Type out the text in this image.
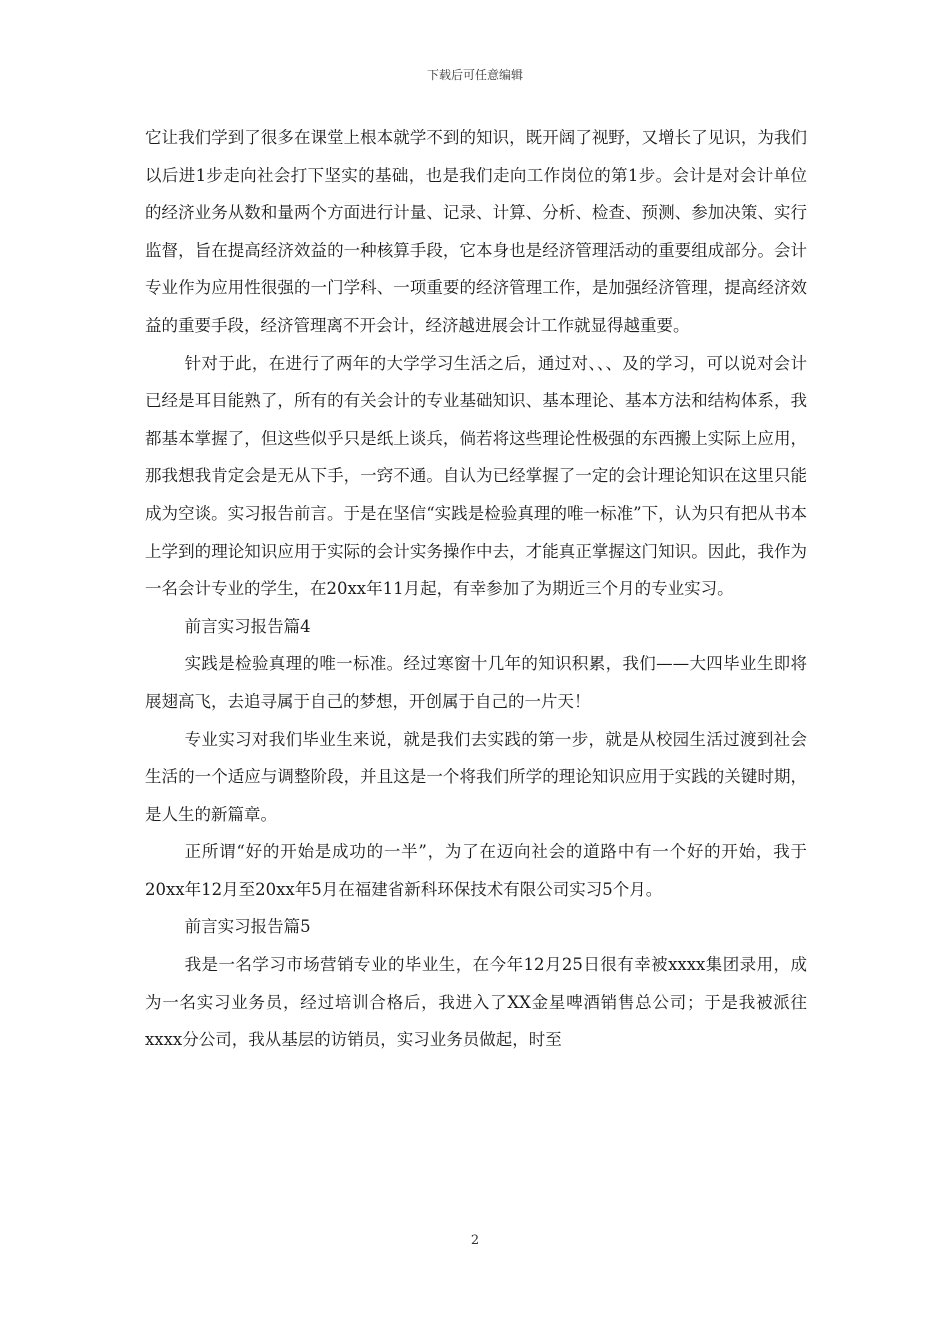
下载后可任意编辑

它让我们学到了很多在课堂上根本就学不到的知识，既开阔了视野，又增长了见识，为我们以后进1步走向社会打下坚实的基础，也是我们走向工作岗位的第1步。会计是对会计单位的经济业务从数和量两个方面进行计量、记录、计算、分析、检查、预测、参加决策、实行监督，旨在提高经济效益的一种核算手段，它本身也是经济管理活动的重要组成部分。会计专业作为应用性很强的一门学科、一项重要的经济管理工作，是加强经济管理，提高经济效益的重要手段，经济管理离不开会计，经济越进展会计工作就显得越重要。

针对于此，在进行了两年的大学学习生活之后，通过对、、、及的学习，可以说对会计已经是耳目能熟了，所有的有关会计的专业基础知识、基本理论、基本方法和结构体系，我都基本掌握了，但这些似乎只是纸上谈兵，倘若将这些理论性极强的东西搬上实际上应用，那我想我肯定会是无从下手，一窍不通。自认为已经掌握了一定的会计理论知识在这里只能成为空谈。实习报告前言。于是在坚信“实践是检验真理的唯一标准”下，认为只有把从书本上学到的理论知识应用于实际的会计实务操作中去，才能真正掌握这门知识。因此，我作为一名会计专业的学生，在20xx年11月起，有幸参加了为期近三个月的专业实习。

前言实习报告篇4

实践是检验真理的唯一标准。经过寒窗十几年的知识积累，我们——大四毕业生即将展翅高飞，去追寻属于自己的梦想，开创属于自己的一片天！

专业实习对我们毕业生来说，就是我们去实践的第一步，就是从校园生活过渡到社会生活的一个适应与调整阶段，并且这是一个将我们所学的理论知识应用于实践的关键时期，是人生的新篇章。

正所谓“好的开始是成功的一半”，为了在迈向社会的道路中有一个好的开始，我于20xx年12月至20xx年5月在福建省新科环保技术有限公司实习5个月。

前言实习报告篇5

我是一名学习市场营销专业的毕业生，在今年12月25日很有幸被xxxx集团录用，成为一名实习业务员，经过培训合格后，我进入了XX金星啤酒销售总公司；于是我被派往xxxx分公司，我从基层的访销员，实习业务员做起，时至

2
